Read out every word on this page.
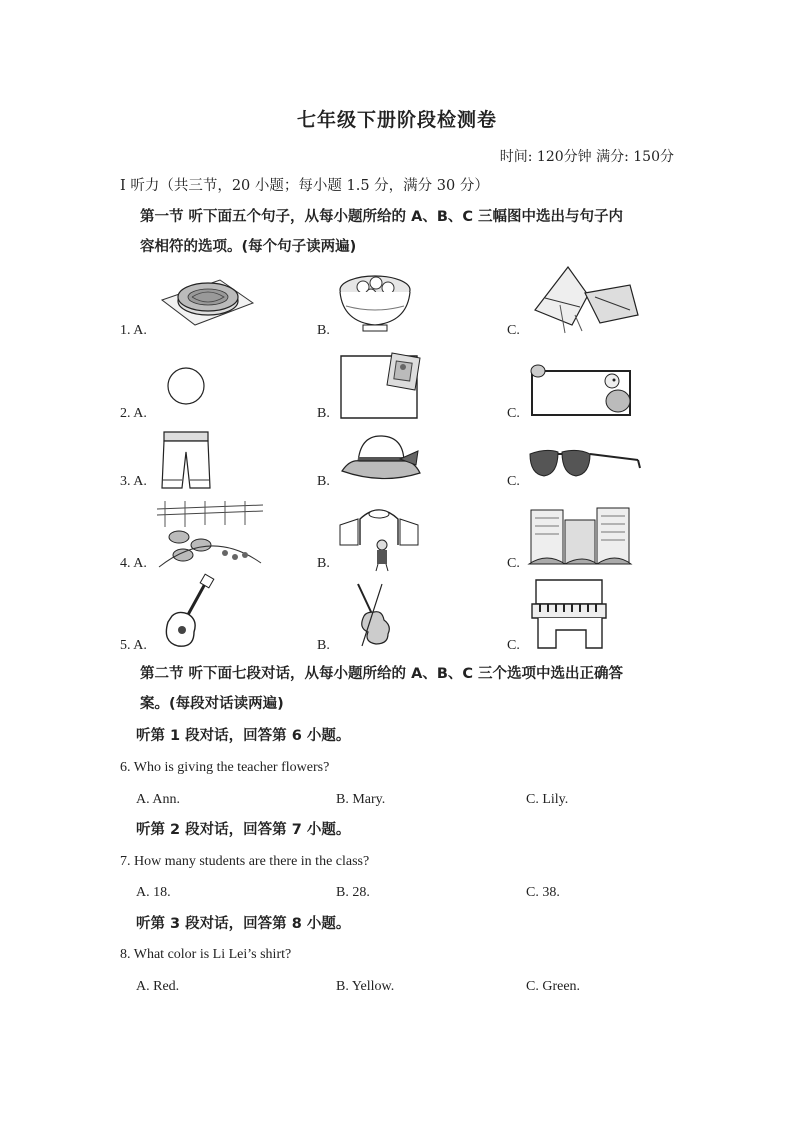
七年级下册阶段检测卷
时间: 120分钟 满分: 150分
I 听力（共三节，20 小题；每小题 1.5 分，满分 30 分）
第一节 听下面五个句子，从每小题所给的 A、B、C 三幅图中选出与句子内
容相符的选项。(每个句子读两遍)
1. A.	B.	C.
2. A.	B.	C.
3. A.	B.	C.
4. A.	B.	C.
5. A.	B.	C.
第二节 听下面七段对话，从每小题所给的 A、B、C 三个选项中选出正确答
案。(每段对话读两遍)
听第 1 段对话，回答第 6 小题。
6. Who is giving the teacher flowers?
A. Ann.	B. Mary.	C. Lily.
听第 2 段对话，回答第 7 小题。
7. How many students are there in the class?
A. 18.	B. 28.	C. 38.
听第 3 段对话，回答第 8 小题。
8. What color is Li Lei’s shirt?
A. Red.	B. Yellow.	C. Green.
